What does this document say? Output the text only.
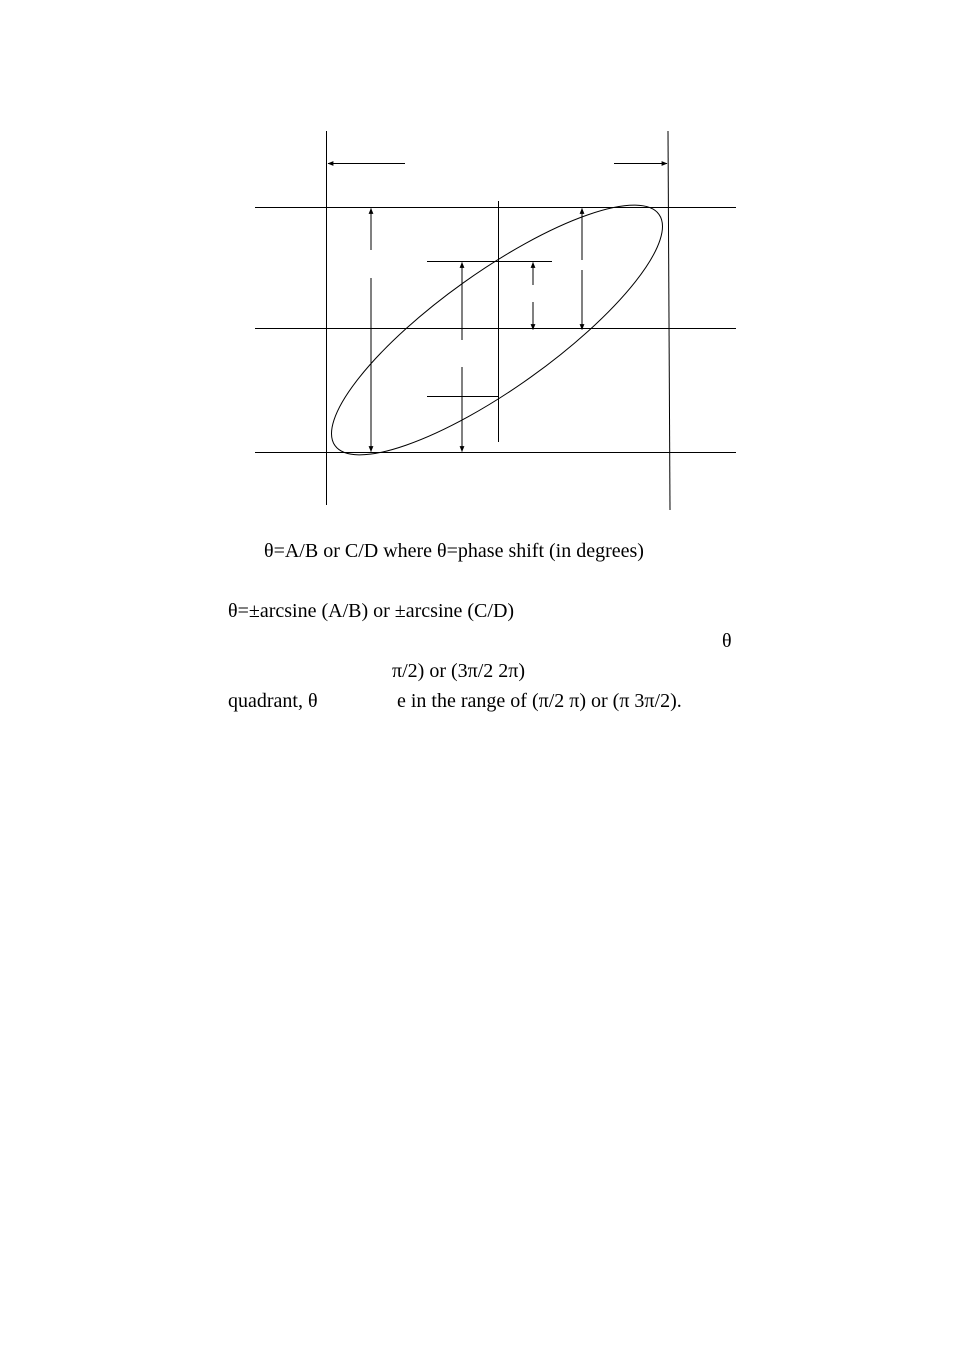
θ=A/B or C/D where θ=phase shift (in degrees)
θ=±arcsine (A/B) or ±arcsine (C/D)
θ
π/2) or (3π/2 2π)
quadrant, θ	e in the range of (π/2 π) or (π 3π/2).
